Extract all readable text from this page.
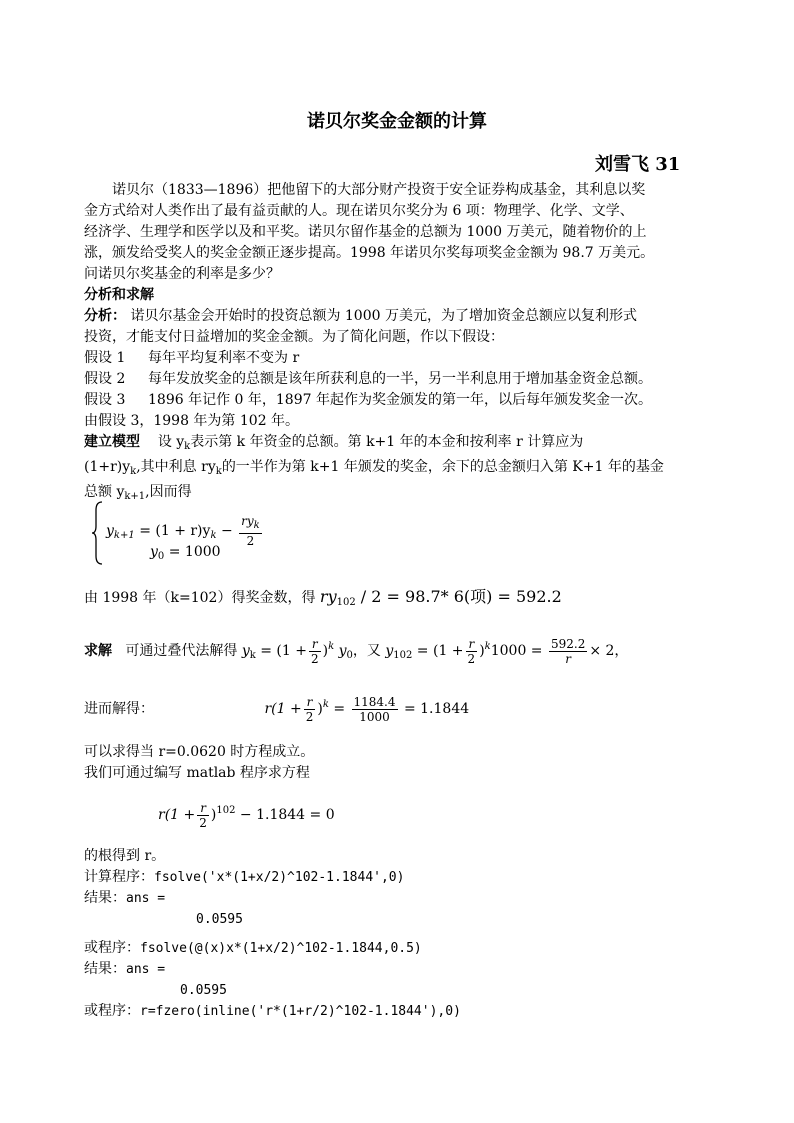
诺贝尔奖金金额的计算
刘雪飞 31
诺贝尔（1833—1896）把他留下的大部分财产投资于安全证券构成基金，其利息以奖
金方式给对人类作出了最有益贡献的人。现在诺贝尔奖分为 6 项：物理学、化学、文学、
经济学、生理学和医学以及和平奖。诺贝尔留作基金的总额为 1000 万美元，随着物价的上
涨，颁发给受奖人的奖金金额正逐步提高。1998 年诺贝尔奖每项奖金金额为 98.7 万美元。
问诺贝尔奖基金的利率是多少？
分析和求解
分析： 诺贝尔基金会开始时的投资总额为 1000 万美元，为了增加资金总额应以复利形式
投资，才能支付日益增加的奖金金额。为了简化问题，作以下假设：
假设 1 每年平均复利率不变为 r
假设 2 每年发放奖金的总额是该年所获利息的一半，另一半利息用于增加基金资金总额。
假设 3 1896 年记作 0 年，1897 年起作为奖金颁发的第一年，以后每年颁发奖金一次。
由假设 3，1998 年为第 102 年。
建立模型 设 $y_k$表示第 k 年资金的总额。第 k+1 年的本金和按利率 r 计算应为
$(1+r)y_k$,其中利息 $ry_k$的一半作为第 k+1 年颁发的奖金，余下的总金额归入第 K+1 年的基金
总额 $y_{k+1}$,因而得
$y_{k+1} = (1 + r)y_k - \frac{ry_k}{2}$
$y_0 = 1000$
由 1998 年（k=102）得奖金数，得 $ry_{102} / 2 = 98.7*$ 6(项) = 592.2
求解 可通过叠代法解得 $y_k = (1 + \frac{r}{2} )^k$ $y_0$，又 $y_{102} = (1 + \frac{r}{2} )^k1000 = \frac{592.2}{r} \times 2$，
进而解得：	$r(1 + \frac{r}{2} )^k = \frac{1184.4}{1000} = 1.1844$
可以求得当 r=0.0620 时方程成立。
我们可通过编写 matlab 程序求方程
$r(1 + \frac{r}{2} )^{102} - 1.1844 = 0$
的根得到 r。
计算程序：fsolve('x*(1+x/2)^102-1.1844',0)
结果：ans =
0.0595
或程序：fsolve(@(x)x*(1+x/2)^102-1.1844,0.5)
结果：ans =
0.0595
或程序：r=fzero(inline('r*(1+r/2)^102-1.1844'),0)
